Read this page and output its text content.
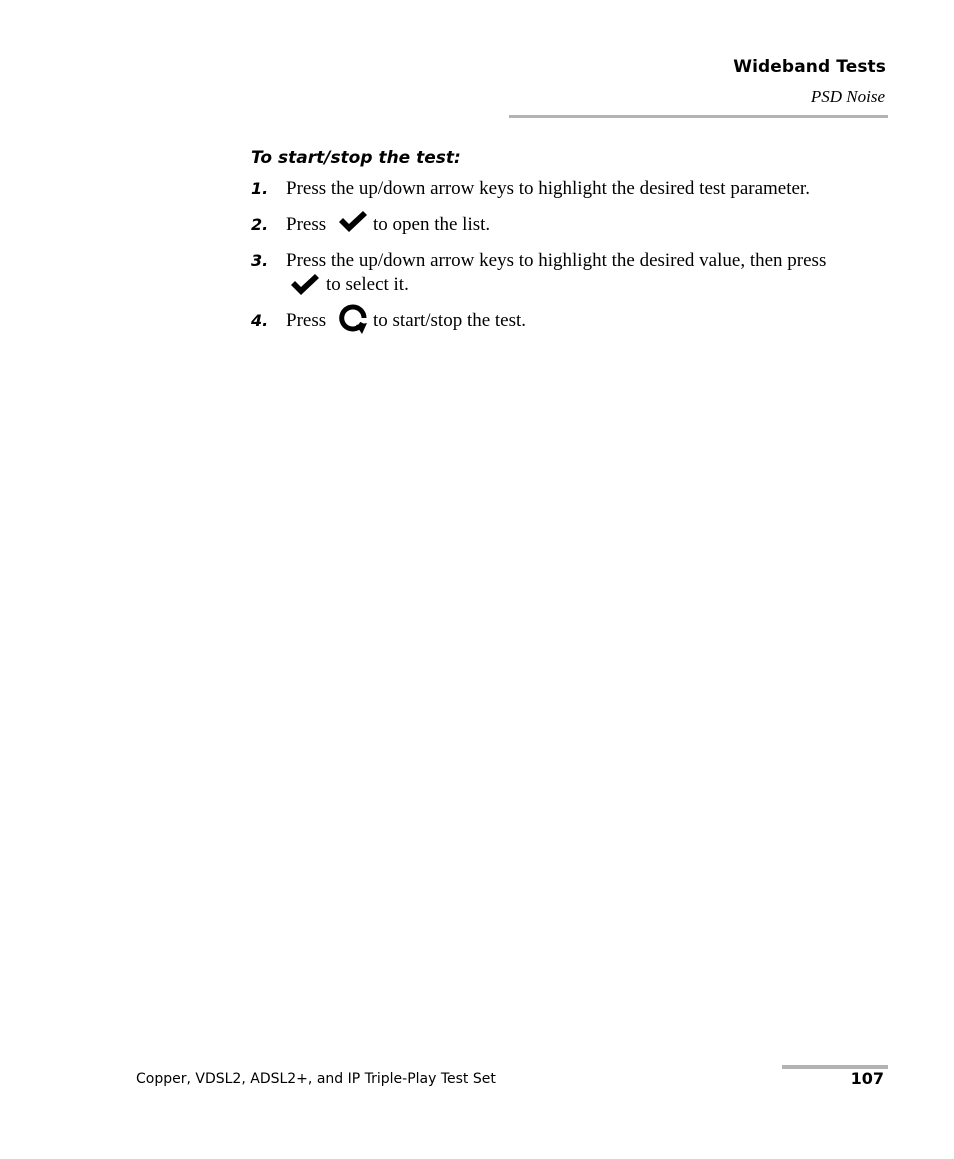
Wideband Tests
PSD Noise
To start/stop the test:
1. Press the up/down arrow keys to highlight the desired test parameter.
2. Press to open the list.
3. Press the up/down arrow keys to highlight the desired value, then press
to select it.
4. Press to start/stop the test.
Copper, VDSL2, ADSL2+, and IP Triple-Play Test Set	107
